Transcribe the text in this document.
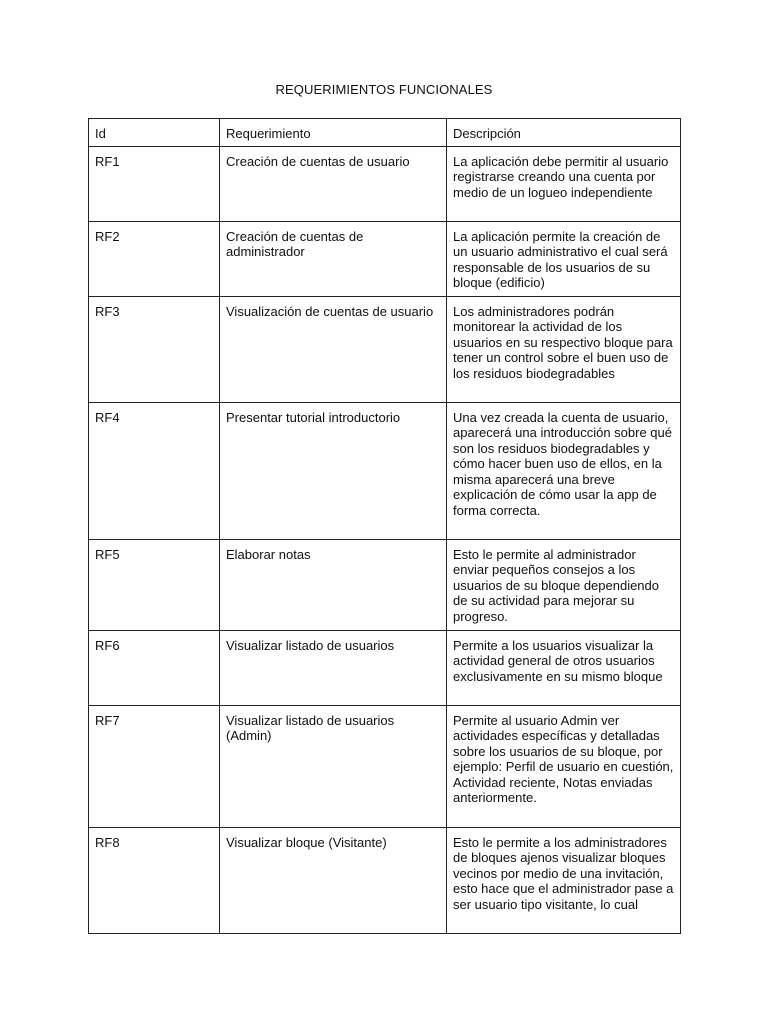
REQUERIMIENTOS FUNCIONALES
Id	Requerimiento	Descripción
RF1	Creación de cuentas de usuario	La aplicación debe permitir al usuario registrarse creando una cuenta por medio de un logueo independiente
RF2	Creación de cuentas de administrador	La aplicación permite la creación de un usuario administrativo el cual será responsable de los usuarios de su bloque (edificio)
RF3	Visualización de cuentas de usuario	Los administradores podrán monitorear la actividad de los usuarios en su respectivo bloque para tener un control sobre el buen uso de los residuos biodegradables
RF4	Presentar tutorial introductorio	Una vez creada la cuenta de usuario, aparecerá una introducción sobre qué son los residuos biodegradables y cómo hacer buen uso de ellos, en la misma aparecerá una breve explicación de cómo usar la app de forma correcta.
RF5	Elaborar notas	Esto le permite al administrador enviar pequeños consejos a los usuarios de su bloque dependiendo de su actividad para mejorar su progreso.
RF6	Visualizar listado de usuarios	Permite a los usuarios visualizar la actividad general de otros usuarios exclusivamente en su mismo bloque
RF7	Visualizar listado de usuarios (Admin)	Permite al usuario Admin ver actividades específicas y detalladas sobre los usuarios de su bloque, por ejemplo: Perfil de usuario en cuestión, Actividad reciente, Notas enviadas anteriormente.
RF8	Visualizar bloque (Visitante)	Esto le permite a los administradores de bloques ajenos visualizar bloques vecinos por medio de una invitación, esto hace que el administrador pase a ser usuario tipo visitante, lo cual
